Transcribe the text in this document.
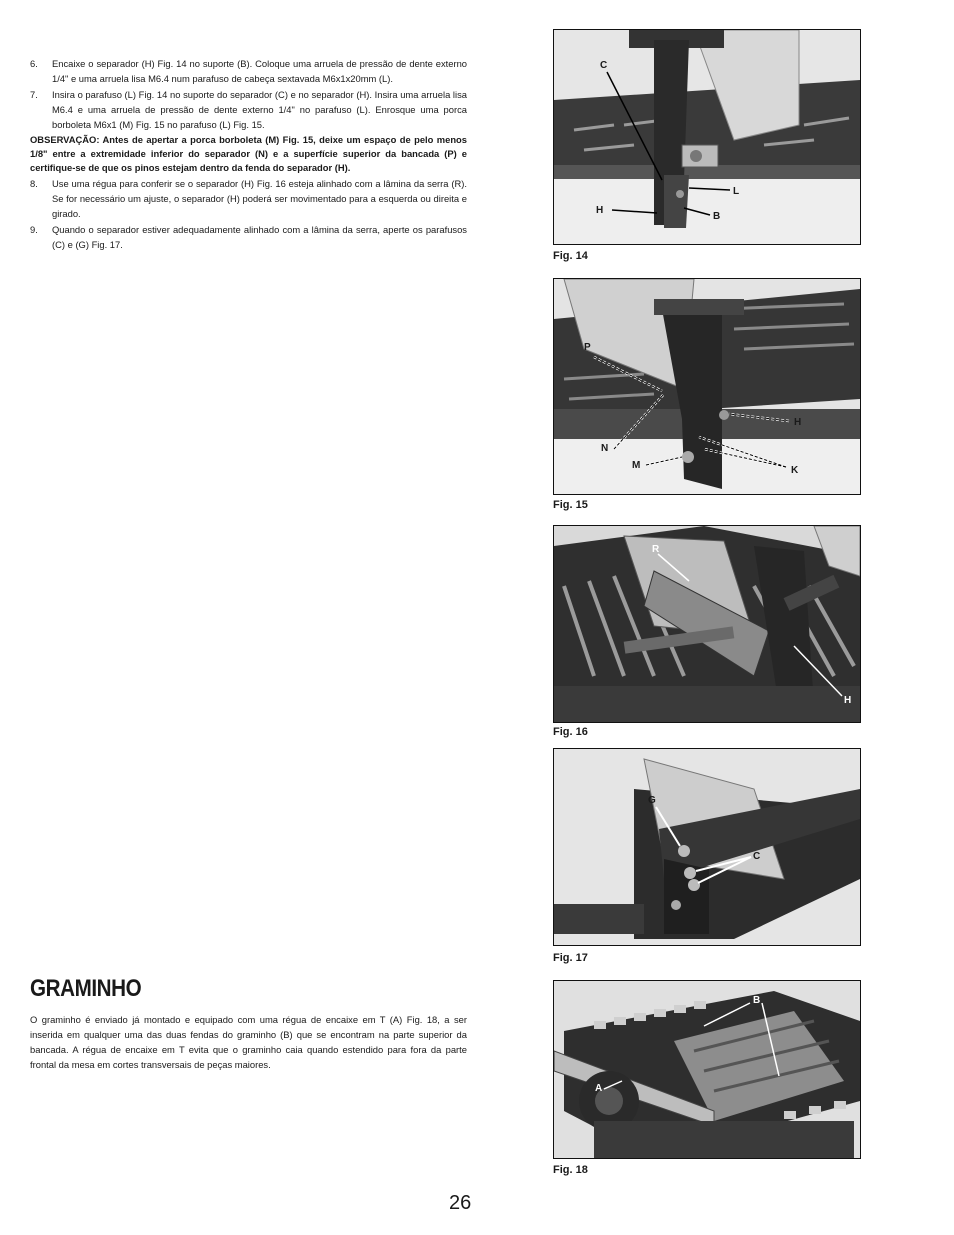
6.	Encaixe o separador (H) Fig. 14 no suporte (B). Coloque uma arruela de pressão de dente externo 1/4" e uma arruela lisa M6.4 num parafuso de cabeça sextavada M6x1x20mm (L).
7.	Insira o parafuso (L) Fig. 14 no suporte do separador (C) e no separador (H). Insira uma arruela lisa M6.4 e uma arruela de pressão de dente externo 1/4" no parafuso (L). Enrosque uma porca borboleta M6x1 (M) Fig. 15 no parafuso (L) Fig. 15.
OBSERVAÇÃO: Antes de apertar a porca borboleta (M) Fig. 15, deixe um espaço de pelo menos 1/8" entre a extremidade inferior do separador (N) e a superfície superior da bancada (P) e certifique-se de que os pinos estejam dentro da fenda do separador (H).
8.	Use uma régua para conferir se o separador (H) Fig. 16 esteja alinhado com a lâmina da serra (R). Se for necessário um ajuste, o separador (H) poderá ser movimentado para a esquerda ou direita e girado.
9.	Quando o separador estiver adequadamente alinhado com a lâmina da serra, aperte os parafusos (C) e (G) Fig. 17.
GRAMINHO
O graminho é enviado já montado e equipado com uma régua de encaixe em T (A) Fig. 18, a ser inserida em qualquer uma das duas fendas do graminho (B) que se encontram na parte superior da bancada. A régua de encaixe em T evita que o graminho caia quando estendido para fora da parte frontal da mesa em cortes transversais de peças maiores.
C
L
H
B
Fig. 14
P
H
N
M	K
Fig. 15
R
H
Fig. 16
G
C
Fig. 17
B
A
Fig. 18
26
